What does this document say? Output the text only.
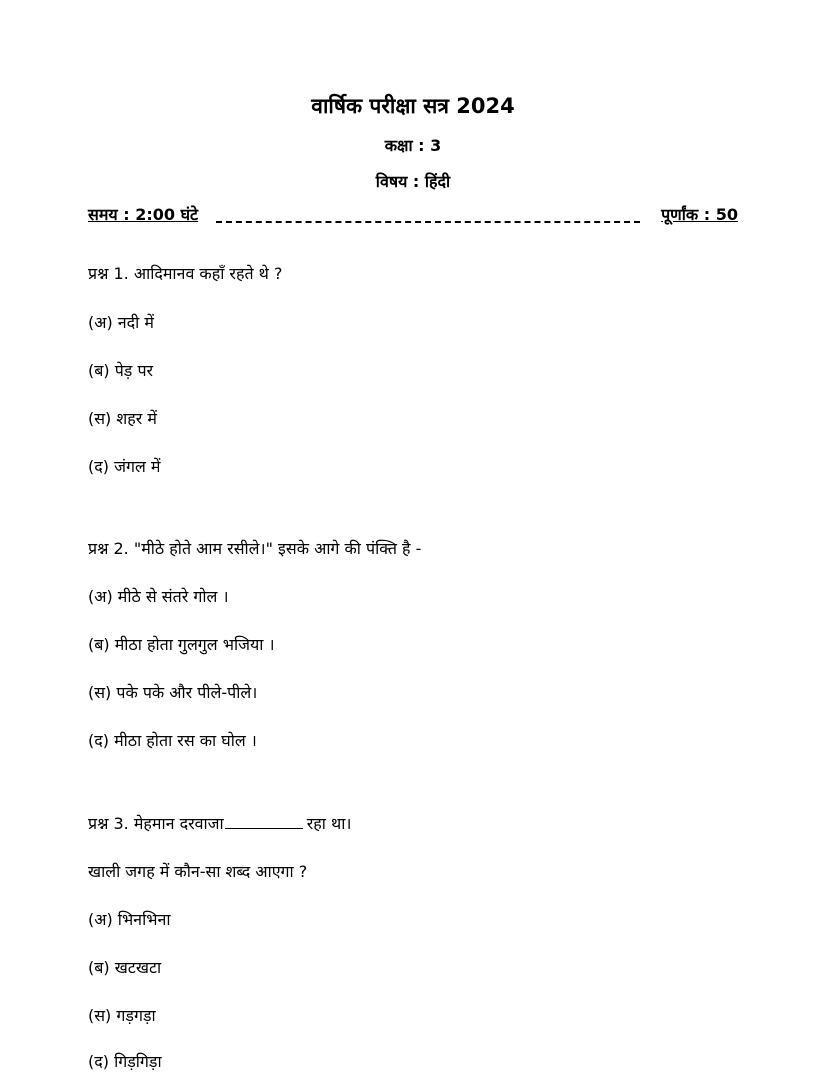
वार्षिक परीक्षा सत्र 2024
कक्षा : 3
विषय : हिंदी
समय : 2:00 घंटे	पूर्णांक : 50
प्रश्न 1. आदिमानव कहाँ रहते थे ?
(अ) नदी में
(ब) पेड़ पर
(स) शहर में
(द) जंगल में
प्रश्न 2. "मीठे होते आम रसीले।" इसके आगे की पंक्ति है -
(अ) मीठे से संतरे गोल ।
(ब) मीठा होता गुलगुल भजिया ।
(स) पके पके और पीले-पीले।
(द) मीठा होता रस का घोल ।
प्रश्न 3. मेहमान दरवाजा	रहा था।
खाली जगह में कौन-सा शब्द आएगा ?
(अ) भिनभिना
(ब) खटखटा
(स) गड़गड़ा
(द) गिड़गिड़ा
